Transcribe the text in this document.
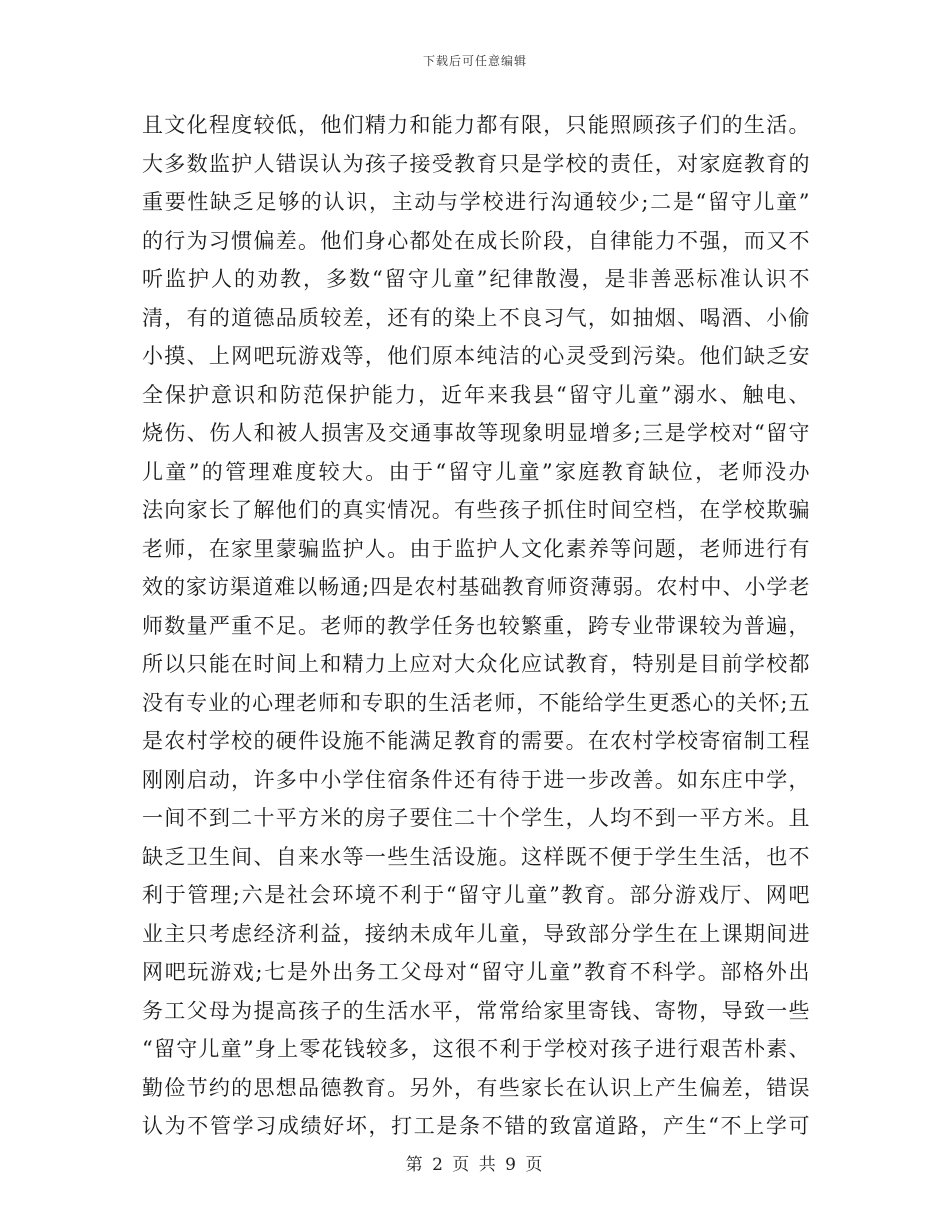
下载后可任意编辑
且文化程度较低，他们精力和能力都有限，只能照顾孩子们的生活。
大多数监护人错误认为孩子接受教育只是学校的责任，对家庭教育的
重要性缺乏足够的认识，主动与学校进行沟通较少;二是“留守儿童”
的行为习惯偏差。他们身心都处在成长阶段，自律能力不强，而又不
听监护人的劝教，多数“留守儿童”纪律散漫，是非善恶标准认识不
清，有的道德品质较差，还有的染上不良习气，如抽烟、喝酒、小偷
小摸、上网吧玩游戏等，他们原本纯洁的心灵受到污染。他们缺乏安
全保护意识和防范保护能力，近年来我县“留守儿童”溺水、触电、
烧伤、伤人和被人损害及交通事故等现象明显增多;三是学校对“留守
儿童”的管理难度较大。由于“留守儿童”家庭教育缺位，老师没办
法向家长了解他们的真实情况。有些孩子抓住时间空档，在学校欺骗
老师，在家里蒙骗监护人。由于监护人文化素养等问题，老师进行有
效的家访渠道难以畅通;四是农村基础教育师资薄弱。农村中、小学老
师数量严重不足。老师的教学任务也较繁重，跨专业带课较为普遍，
所以只能在时间上和精力上应对大众化应试教育，特别是目前学校都
没有专业的心理老师和专职的生活老师，不能给学生更悉心的关怀;五
是农村学校的硬件设施不能满足教育的需要。在农村学校寄宿制工程
刚刚启动，许多中小学住宿条件还有待于进一步改善。如东庄中学，
一间不到二十平方米的房子要住二十个学生，人均不到一平方米。且
缺乏卫生间、自来水等一些生活设施。这样既不便于学生生活，也不
利于管理;六是社会环境不利于“留守儿童”教育。部分游戏厅、网吧
业主只考虑经济利益，接纳未成年儿童，导致部分学生在上课期间进
网吧玩游戏;七是外出务工父母对“留守儿童”教育不科学。部格外出
务工父母为提高孩子的生活水平，常常给家里寄钱、寄物，导致一些
“留守儿童”身上零花钱较多，这很不利于学校对孩子进行艰苦朴素、
勤俭节约的思想品德教育。另外，有些家长在认识上产生偏差，错误
认为不管学习成绩好坏，打工是条不错的致富道路，产生“不上学可
第 2 页 共 9 页
